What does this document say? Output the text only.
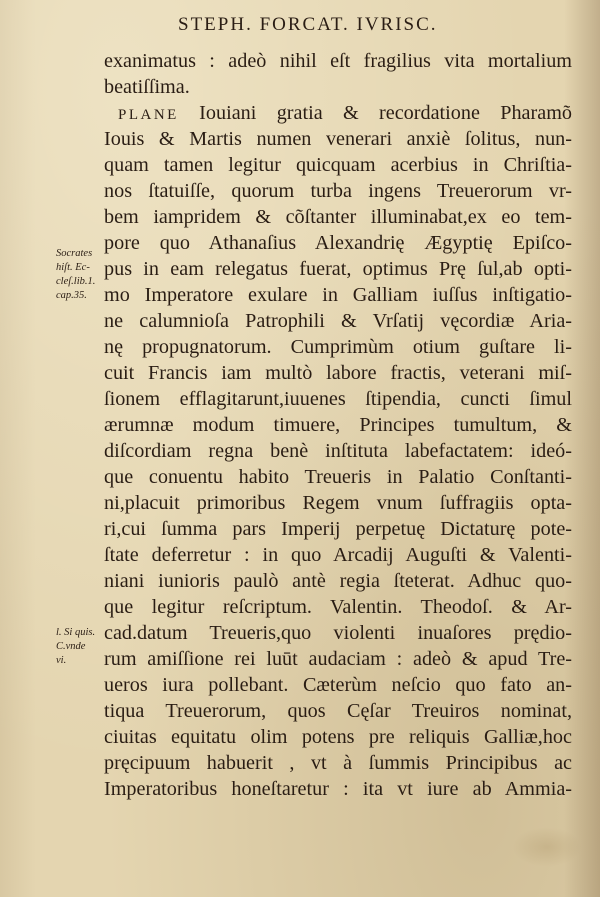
STEPH. FORCAT. IVRISC.
exanimatus : adeò nihil eſt fragilius vita mortalium
beatiſſima.
PLANE Iouiani gratia & recordatione Pharamõ
Iouis & Martis numen venerari anxiè ſolitus, nun-
quam tamen legitur quicquam acerbius in Chriſtia-
nos ſtatuiſſe, quorum turba ingens Treuerorum vr-
bem iampridem & cõſtanter illuminabat,ex eo tem-
pore quo Athanaſius Alexandrię Ægyptię Epiſco-
pus in eam relegatus fuerat, optimus Prę ſul,ab opti-
mo Imperatore exulare in Galliam iuſſus inſtigatio-
ne calumnioſa Patrophili & Vrſatij vęcordiæ Aria-
nę propugnatorum. Cumprimùm otium guſtare li-
cuit Francis iam multò labore fractis, veterani miſ-
ſionem efflagitarunt,iuuenes ſtipendia, cuncti ſimul
ærumnæ modum timuere, Principes tumultum, &
diſcordiam regna benè inſtituta labefactatem: ideó-
que conuentu habito Treueris in Palatio Conſtanti-
ni,placuit primoribus Regem vnum ſuffragiis opta-
ri,cui ſumma pars Imperij perpetuę Dictaturę pote-
ſtate deferretur : in quo Arcadij Auguſti & Valenti-
niani iunioris paulò antè regia ſteterat. Adhuc quo-
que legitur reſcriptum. Valentin. Theodoſ. & Ar-
cad.datum Treueris,quo violenti inuaſores prędio-
rum amiſſione rei luūt audaciam : adeò & apud Tre-
ueros iura pollebant. Cæterùm neſcio quo fato an-
tiqua Treuerorum, quos Cęſar Treuiros nominat,
ciuitas equitatu olim potens pre reliquis Galliæ,hoc
pręcipuum habuerit , vt à ſummis Principibus ac
Imperatoribus honeſtaretur : ita vt iure ab Ammia-
Socrates
hiſt. Ec-
cleſ.lib.1.
cap.35.
l. Si quis.
C.vnde
vi.
